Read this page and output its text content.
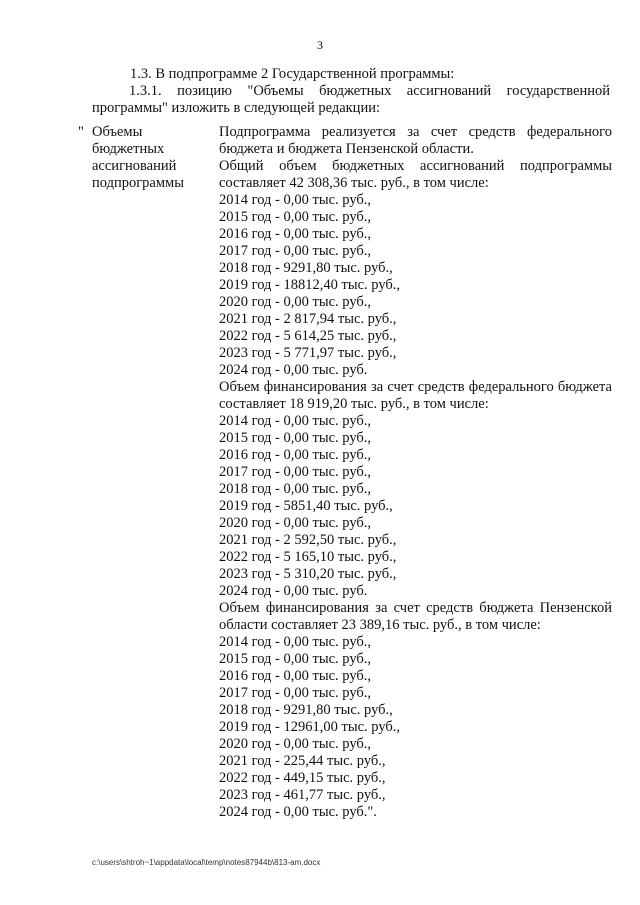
3
1.3. В подпрограмме 2 Государственной программы:
1.3.1. позицию "Объемы бюджетных ассигнований государственной программы" изложить в следующей редакции:
" Объемы
бюджетных
ассигнований
подпрограммы
Подпрограмма реализуется за счет средств федерального бюджета и бюджета Пензенской области.
Общий объем бюджетных ассигнований подпрограммы составляет 42 308,36 тыс. руб., в том числе:
2014 год - 0,00 тыс. руб.,
2015 год - 0,00 тыс. руб.,
2016 год - 0,00 тыс. руб.,
2017 год - 0,00 тыс. руб.,
2018 год - 9291,80 тыс. руб.,
2019 год - 18812,40 тыс. руб.,
2020 год - 0,00 тыс. руб.,
2021 год - 2 817,94 тыс. руб.,
2022 год - 5 614,25 тыс. руб.,
2023 год - 5 771,97 тыс. руб.,
2024 год - 0,00 тыс. руб.
Объем финансирования за счет средств федерального бюджета составляет 18 919,20 тыс. руб., в том числе:
2014 год - 0,00 тыс. руб.,
2015 год - 0,00 тыс. руб.,
2016 год - 0,00 тыс. руб.,
2017 год - 0,00 тыс. руб.,
2018 год - 0,00 тыс. руб.,
2019 год - 5851,40 тыс. руб.,
2020 год - 0,00 тыс. руб.,
2021 год - 2 592,50 тыс. руб.,
2022 год - 5 165,10 тыс. руб.,
2023 год - 5 310,20 тыс. руб.,
2024 год - 0,00 тыс. руб.
Объем финансирования за счет средств бюджета Пензенской области составляет 23 389,16 тыс. руб., в том числе:
2014 год - 0,00 тыс. руб.,
2015 год - 0,00 тыс. руб.,
2016 год - 0,00 тыс. руб.,
2017 год - 0,00 тыс. руб.,
2018 год - 9291,80 тыс. руб.,
2019 год - 12961,00 тыс. руб.,
2020 год - 0,00 тыс. руб.,
2021 год - 225,44 тыс. руб.,
2022 год - 449,15 тыс. руб.,
2023 год - 461,77 тыс. руб.,
2024 год - 0,00 тыс. руб.".
c:\users\shtroh~1\appdata\local\temp\notes87944b\813-am.docx
